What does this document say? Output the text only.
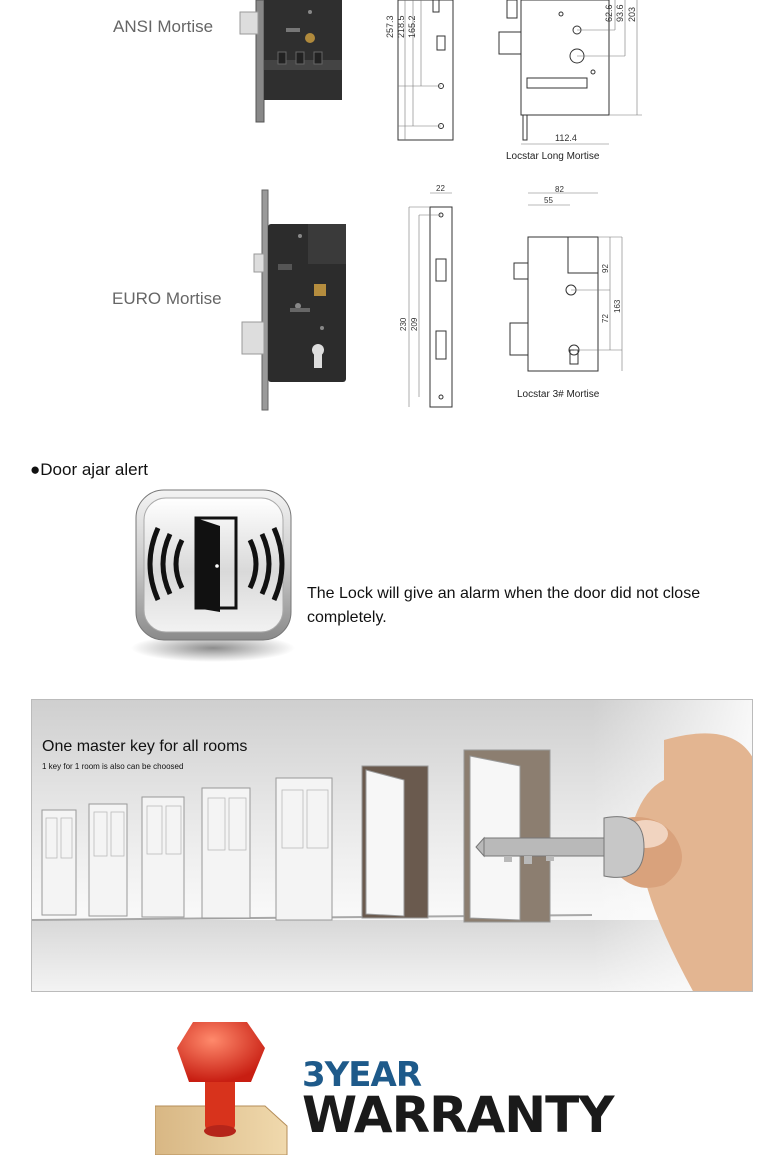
ANSI Mortise	257.3 218.5 165.2
62.6 93.6 203
112.4
Locstar Long Mortise
EURO Mortise
22
230 209
82
55
92
72
163
Locstar 3# Mortise
●Door ajar alert
The Lock will give an alarm when the door did not close completely.
One master key for all rooms
1 key for 1 room is also can be choosed
3YEAR
WARRANTY
